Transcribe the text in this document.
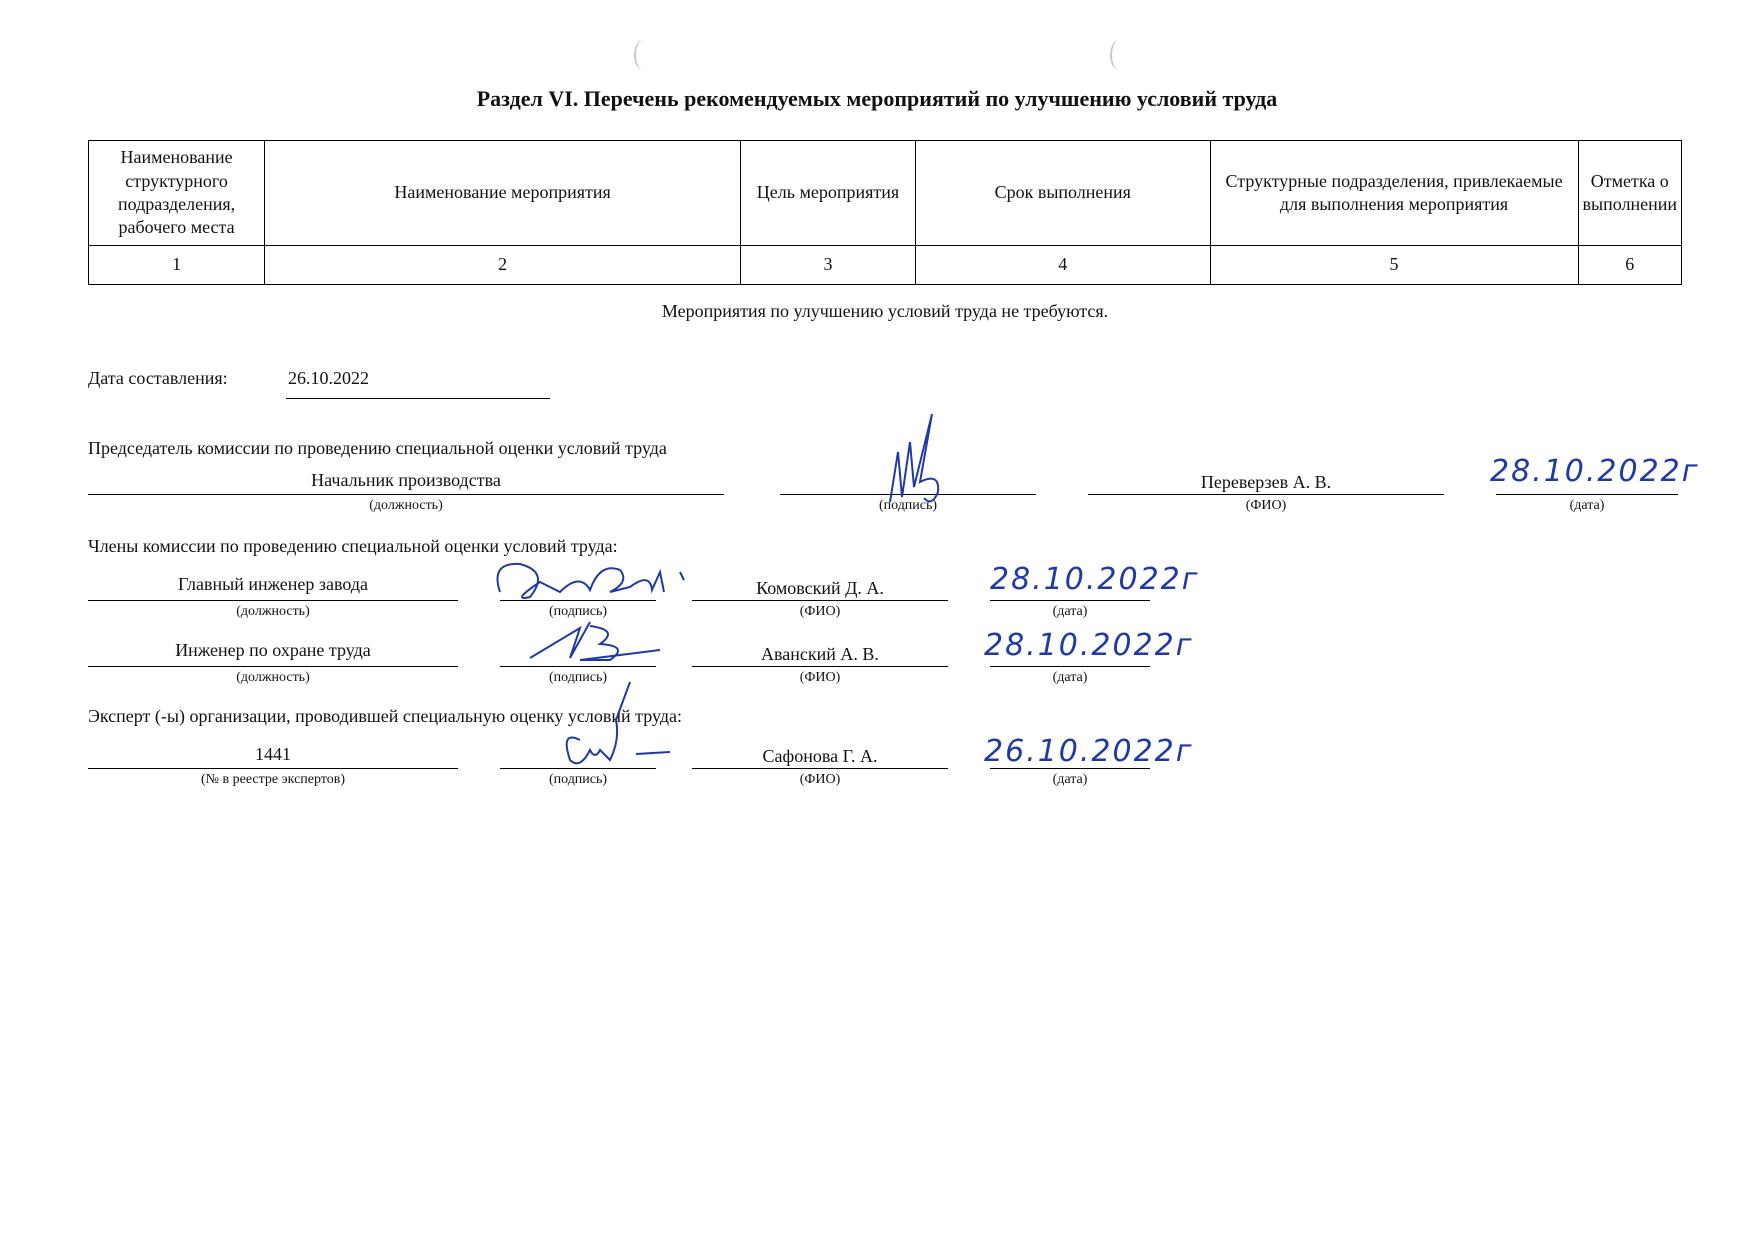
Раздел VI. Перечень рекомендуемых мероприятий по улучшению условий труда
Наименование структурного подразделения, рабочего места	Наименование мероприятия	Цель мероприятия	Срок выполнения	Структурные подразделения, привлекаемые для выполнения мероприятия	Отметка о выполнении
1	2	3	4	5	6
Мероприятия по улучшению условий труда не требуются.
Дата составления:	26.10.2022
Председатель комиссии по проведению специальной оценки условий труда
Начальник производства
(должность)	(подпись)
Переверзев А. В.
(ФИО)
28.10.2022г
(дата)
Члены комиссии по проведению специальной оценки условий труда:
Главный инженер завода
(должность)	(подпись)
Комовский Д. А.
(ФИО)
28.10.2022г
(дата)
Инженер по охране труда
(должность)	(подпись)
Аванский А. В.
(ФИО)
28.10.2022г
(дата)
Эксперт (-ы) организации, проводившей специальную оценку условий труда:
1441
(№ в реестре экспертов)	(подпись)
Сафонова Г. А.
(ФИО)
26.10.2022г
(дата)
